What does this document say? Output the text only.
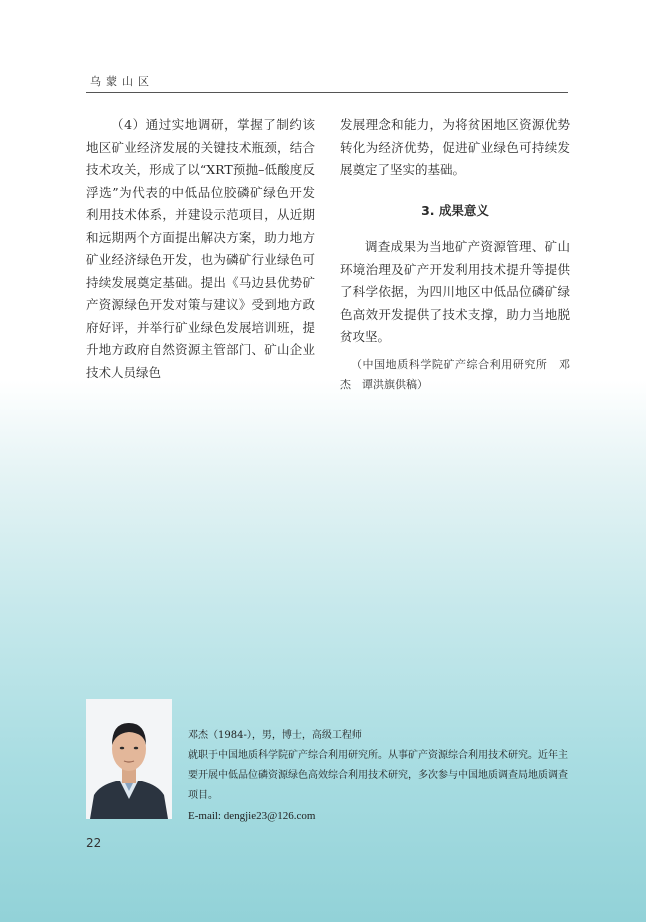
乌蒙山区

（4）通过实地调研，掌握了制约该地区矿业经济发展的关键技术瓶颈，结合技术攻关，形成了以“XRT预抛–低酸度反浮选”为代表的中低品位胶磷矿绿色开发利用技术体系，并建设示范项目，从近期和远期两个方面提出解决方案，助力地方矿业经济绿色开发，也为磷矿行业绿色可持续发展奠定基础。提出《马边县优势矿产资源绿色开发对策与建议》受到地方政府好评，并举行矿业绿色发展培训班，提升地方政府自然资源主管部门、矿山企业技术人员绿色

发展理念和能力，为将贫困地区资源优势转化为经济优势，促进矿业绿色可持续发展奠定了坚实的基础。

3. 成果意义

调查成果为当地矿产资源管理、矿山环境治理及矿产开发利用技术提升等提供了科学依据，为四川地区中低品位磷矿绿色高效开发提供了技术支撑，助力当地脱贫攻坚。

（中国地质科学院矿产综合利用研究所　邓杰　谭洪旗供稿）

邓杰（1984-），男，博士，高级工程师

就职于中国地质科学院矿产综合利用研究所。从事矿产资源综合利用技术研究。近年主要开展中低品位磷资源绿色高效综合利用技术研究，多次参与中国地质调查局地质调查项目。

E-mail: dengjie23@126.com

22
